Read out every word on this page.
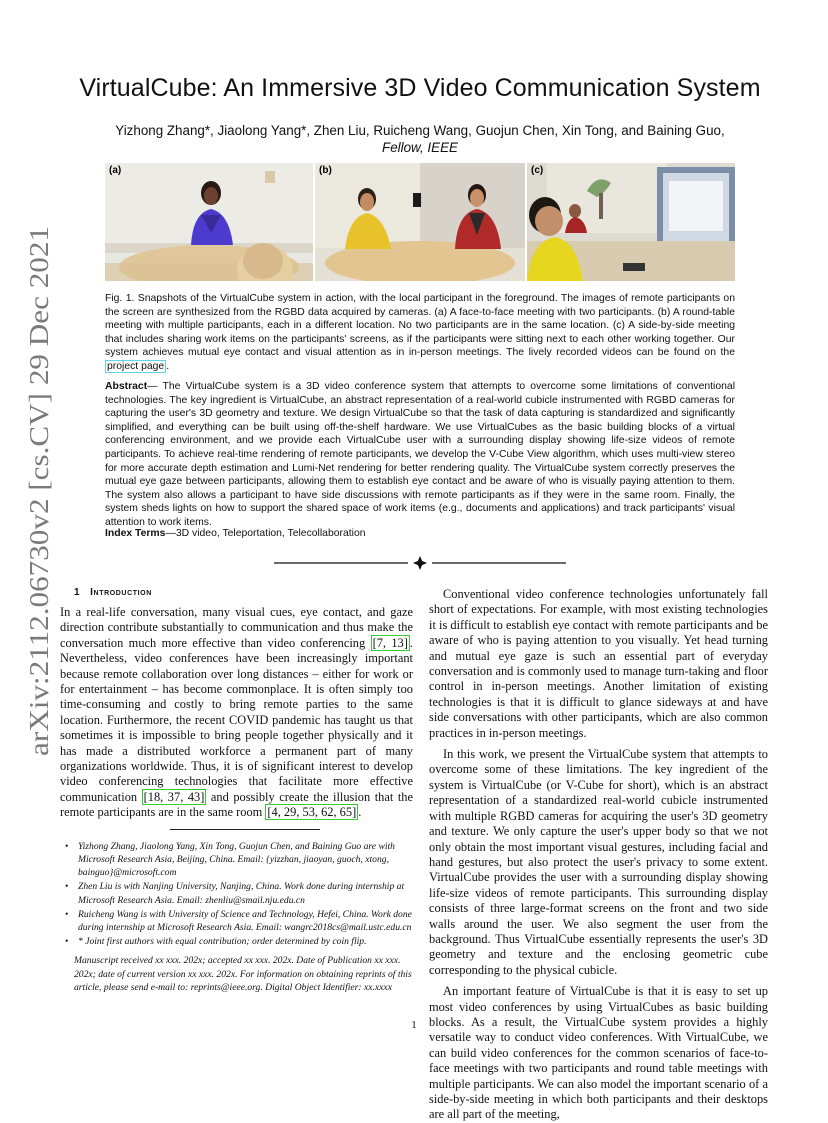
arXiv:2112.06730v2 [cs.CV] 29 Dec 2021
VirtualCube: An Immersive 3D Video Communication System
Yizhong Zhang*, Jiaolong Yang*, Zhen Liu, Ruicheng Wang, Guojun Chen, Xin Tong, and Baining Guo,
Fellow, IEEE
(a)	(b)	(c)
Fig. 1. Snapshots of the VirtualCube system in action, with the local participant in the foreground. The images of remote participants on the screen are synthesized from the RGBD data acquired by cameras. (a) A face-to-face meeting with two participants. (b) A round-table meeting with multiple participants, each in a different location. No two participants are in the same location. (c) A side-by-side meeting that includes sharing work items on the participants' screens, as if the participants were sitting next to each other working together. Our system achieves mutual eye contact and visual attention as in in-person meetings. The lively recorded videos can be found on the project page .
Abstract— The VirtualCube system is a 3D video conference system that attempts to overcome some limitations of conventional technologies. The key ingredient is VirtualCube, an abstract representation of a real-world cubicle instrumented with RGBD cameras for capturing the user's 3D geometry and texture. We design VirtualCube so that the task of data capturing is standardized and significantly simplified, and everything can be built using off-the-shelf hardware. We use VirtualCubes as the basic building blocks of a virtual conferencing environment, and we provide each VirtualCube user with a surrounding display showing life-size videos of remote participants. To achieve real-time rendering of remote participants, we develop the V-Cube View algorithm, which uses multi-view stereo for more accurate depth estimation and Lumi-Net rendering for better rendering quality. The VirtualCube system correctly preserves the mutual eye gaze between participants, allowing them to establish eye contact and be aware of who is visually paying attention to them. The system also allows a participant to have side discussions with remote participants as if they were in the same room. Finally, the system sheds lights on how to support the shared space of work items (e.g., documents and applications) and track participants' visual attention to work items.
Index Terms—3D video, Teleportation, Telecollaboration
1 Introduction

In a real-life conversation, many visual cues, eye contact, and gaze direction contribute substantially to communication and thus make the conversation much more effective than video conferencing [7, 13] . Nevertheless, video conferences have been increasingly important because remote collaboration over long distances – either for work or for entertainment – has become commonplace. It is often simply too time-consuming and costly to bring remote parties to the same location. Furthermore, the recent COVID pandemic has taught us that sometimes it is impossible to bring people together physically and it has made a distributed workforce a permanent part of many organizations worldwide. Thus, it is of significant interest to develop video conferencing technologies that facilitate more effective communication [18, 37, 43] and possibly create the illusion that the remote participants are in the same room [4, 29, 53, 62, 65] .

• Yizhong Zhang, Jiaolong Yang, Xin Tong, Guojun Chen, and Baining Guo are with Microsoft Research Asia, Beijing, China. Email: {yizzhan, jiaoyan, guoch, xtong, bainguo}@microsoft.com
• Zhen Liu is with Nanjing University, Nanjing, China. Work done during internship at Microsoft Research Asia. Email: zhenliu@smail.nju.edu.cn
• Ruicheng Wang is with University of Science and Technology, Hefei, China. Work done during internship at Microsoft Research Asia. Email: wangrc2018cs@mail.ustc.edu.cn
• * Joint first authors with equal contribution; order determined by coin flip.

Manuscript received xx xxx. 202x; accepted xx xxx. 202x. Date of Publication xx xxx. 202x; date of current version xx xxx. 202x. For information on obtaining reprints of this article, please send e-mail to: reprints@ieee.org. Digital Object Identifier: xx.xxxx

Conventional video conference technologies unfortunately fall short of expectations. For example, with most existing technologies it is difficult to establish eye contact with remote participants and be aware of who is paying attention to you visually. Yet head turning and mutual eye gaze is such an essential part of everyday conversation and is commonly used to manage turn-taking and floor control in in-person meetings. Another limitation of existing technologies is that it is difficult to glance sideways at and have side conversations with other participants, which are also common practices in in-person meetings.

In this work, we present the VirtualCube system that attempts to overcome some of these limitations. The key ingredient of the system is VirtualCube (or V-Cube for short), which is an abstract representation of a standardized real-world cubicle instrumented with multiple RGBD cameras for acquiring the user's 3D geometry and texture. We only capture the user's upper body so that we not only obtain the most important visual gestures, including facial and hand gestures, but also protect the user's privacy to some extent. VirtualCube provides the user with a surrounding display showing life-size videos of remote participants. This surrounding display consists of three large-format screens on the front and two side walls around the user. We also segment the user from the background. Thus VirtualCube essentially represents the user's 3D geometry and texture and the enclosing geometric cube corresponding to the physical cubicle.

An important feature of VirtualCube is that it is easy to set up most video conferences by using VirtualCubes as basic building blocks. As a result, the VirtualCube system provides a highly versatile way to conduct video conferences. With VirtualCube, we can build video conferences for the common scenarios of face-to-face meetings with two participants and round table meetings with multiple participants. We can also model the important scenario of a side-by-side meeting in which both participants and their desktops are all part of the meeting,

1
